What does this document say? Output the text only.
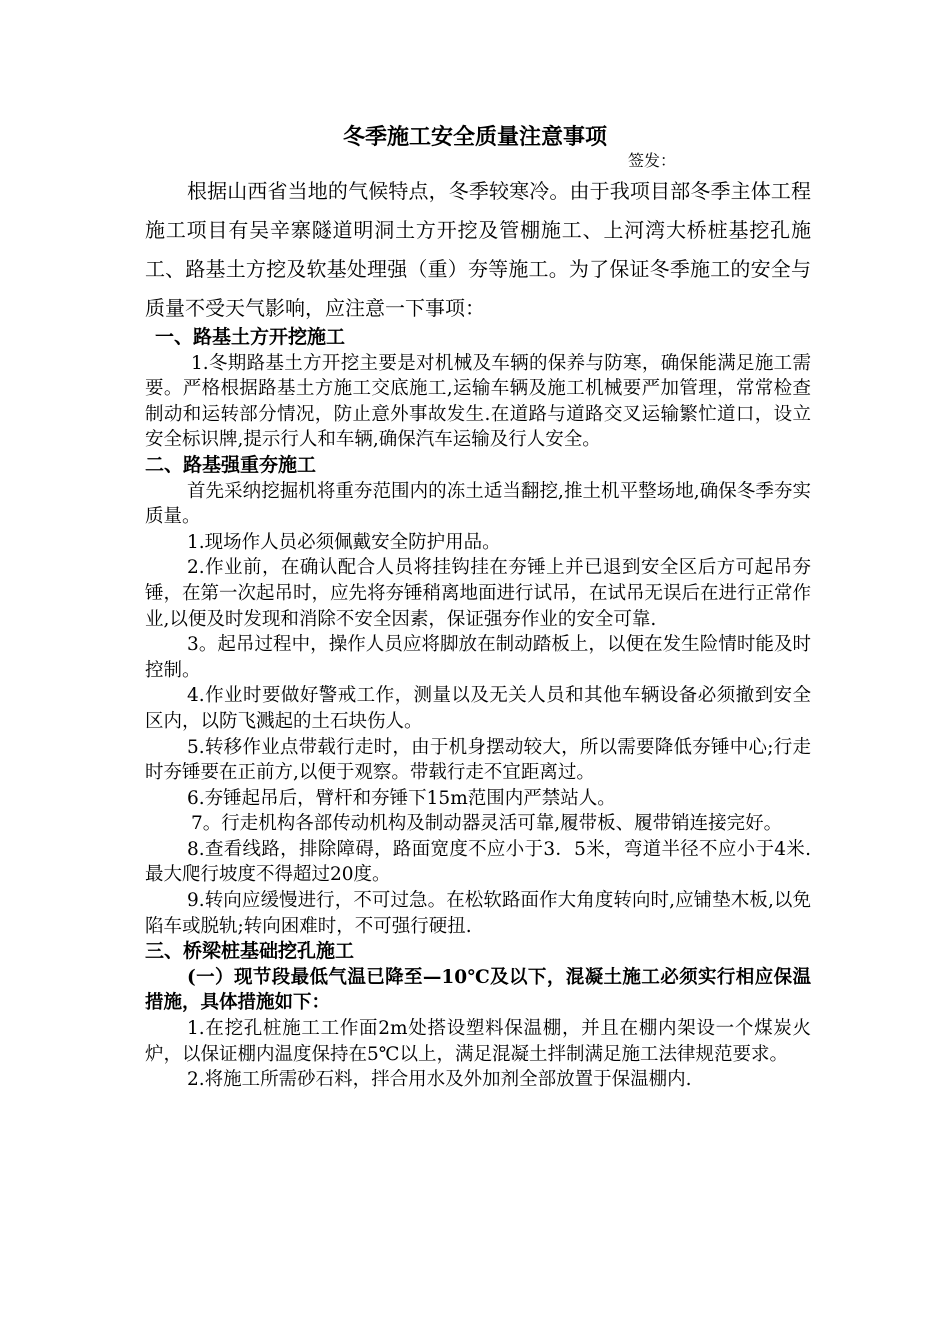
冬季施工安全质量注意事项
签发：

根据山西省当地的气候特点，冬季较寒冷。由于我项目部冬季主体工程施工项目有吴辛寨隧道明洞土方开挖及管棚施工、上河湾大桥桩基挖孔施工、路基土方挖及软基处理强（重）夯等施工。为了保证冬季施工的安全与质量不受天气影响，应注意一下事项：

一、路基土方开挖施工

1.冬期路基土方开挖主要是对机械及车辆的保养与防寒，确保能满足施工需要。严格根据路基土方施工交底施工,运输车辆及施工机械要严加管理，常常检查制动和运转部分情况，防止意外事故发生.在道路与道路交叉运输繁忙道口，设立安全标识牌,提示行人和车辆,确保汽车运输及行人安全。

二、路基强重夯施工

首先采纳挖掘机将重夯范围内的冻土适当翻挖,推土机平整场地,确保冬季夯实质量。

1.现场作人员必须佩戴安全防护用品。

2.作业前，在确认配合人员将挂钩挂在夯锤上并已退到安全区后方可起吊夯锤，在第一次起吊时，应先将夯锤稍离地面进行试吊，在试吊无误后在进行正常作业,以便及时发现和消除不安全因素，保证强夯作业的安全可靠.

3。起吊过程中，操作人员应将脚放在制动踏板上，以便在发生险情时能及时控制。

4.作业时要做好警戒工作，测量以及无关人员和其他车辆设备必须撤到安全区内，以防飞溅起的土石块伤人。

5.转移作业点带载行走时，由于机身摆动较大，所以需要降低夯锤中心;行走时夯锤要在正前方,以便于观察。带载行走不宜距离过。

6.夯锤起吊后，臂杆和夯锤下15m范围内严禁站人。

7。行走机构各部传动机构及制动器灵活可靠,履带板、履带销连接完好。

8.查看线路，排除障碍，路面宽度不应小于3．5米，弯道半径不应小于4米.最大爬行坡度不得超过20度。

9.转向应缓慢进行，不可过急。在松软路面作大角度转向时,应铺垫木板,以免陷车或脱轨;转向困难时，不可强行硬扭.

三、桥梁桩基础挖孔施工

(一）现节段最低气温已降至—10℃及以下，混凝土施工必须实行相应保温措施，具体措施如下：

1.在挖孔桩施工工作面2m处搭设塑料保温棚，并且在棚内架设一个煤炭火炉，以保证棚内温度保持在5℃以上，满足混凝土拌制满足施工法律规范要求。

2.将施工所需砂石料，拌合用水及外加剂全部放置于保温棚内.
